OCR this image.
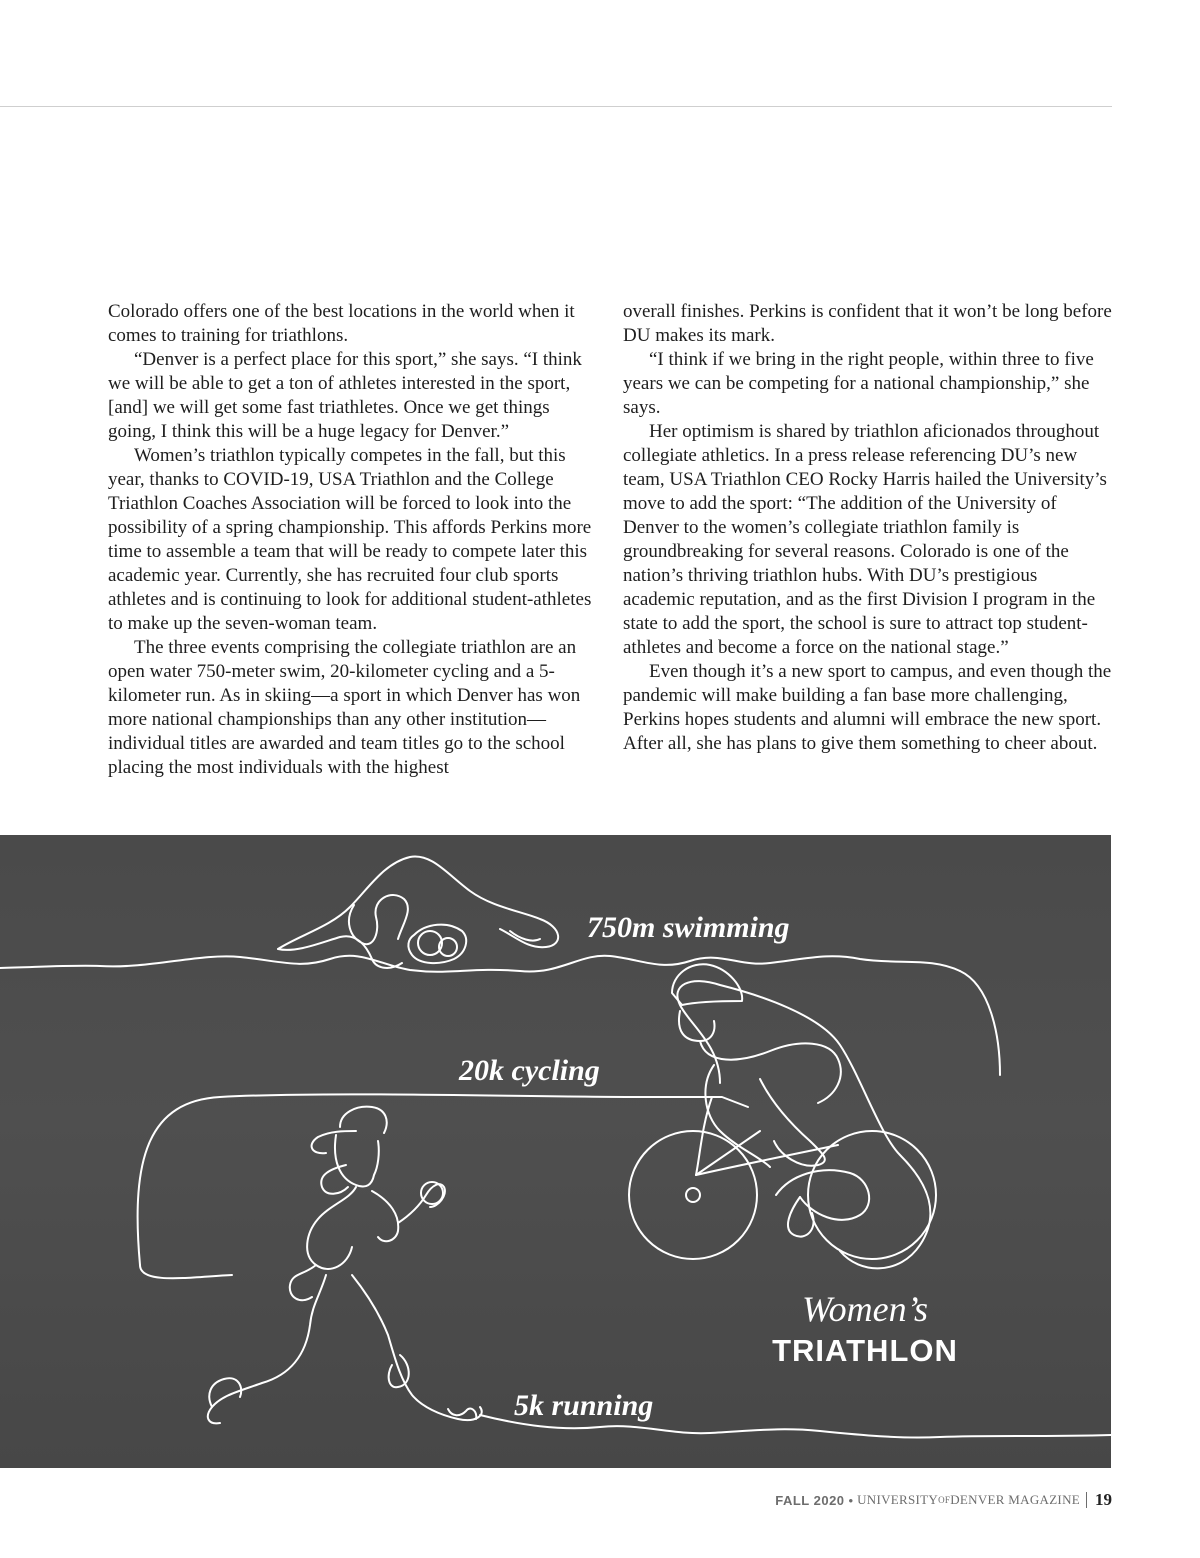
Colorado offers one of the best locations in the world when it comes to training for triathlons.

“Denver is a perfect place for this sport,” she says. “I think we will be able to get a ton of athletes interested in the sport, [and] we will get some fast triathletes. Once we get things going, I think this will be a huge legacy for Denver.”

Women’s triathlon typically competes in the fall, but this year, thanks to COVID-19, USA Triathlon and the College Triathlon Coaches Association will be forced to look into the possibility of a spring championship. This affords Perkins more time to assemble a team that will be ready to compete later this academic year. Currently, she has recruited four club sports athletes and is continuing to look for additional student-athletes to make up the seven-woman team.

The three events comprising the collegiate triathlon are an open water 750-meter swim, 20-kilometer cycling and a 5-kilometer run. As in skiing—a sport in which Denver has won more national championships than any other institution—individual titles are awarded and team titles go to the school placing the most individuals with the highest

overall finishes. Perkins is confident that it won’t be long before DU makes its mark.

“I think if we bring in the right people, within three to five years we can be competing for a national championship,” she says.

Her optimism is shared by triathlon aficionados throughout collegiate athletics. In a press release referencing DU’s new team, USA Triathlon CEO Rocky Harris hailed the University’s move to add the sport: “The addition of the University of Denver to the women’s collegiate triathlon family is groundbreaking for several reasons. Colorado is one of the nation’s thriving triathlon hubs. With DU’s prestigious academic reputation, and as the first Division I program in the state to add the sport, the school is sure to attract top student-athletes and become a force on the national stage.”

Even though it’s a new sport to campus, and even though the pandemic will make building a fan base more challenging, Perkins hopes students and alumni will embrace the new sport. After all, she has plans to give them something to cheer about.

750m swimming
20k cycling
5k running
Women’s
TRIATHLON
FALL 2020 • UNIVERSITY OF DENVER MAGAZINE 19
